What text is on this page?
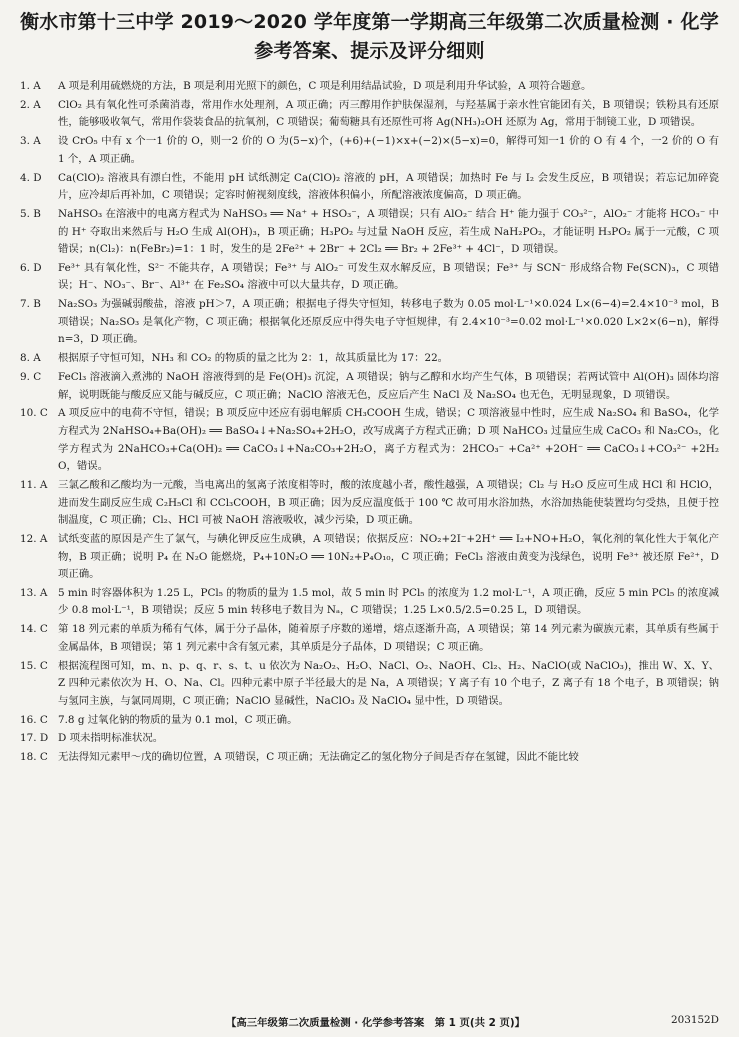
衡水市第十三中学 2019～2020 学年度第一学期高三年级第二次质量检测 · 化学
参考答案、提示及评分细则
1. A	A 项是利用硫燃烧的方法，B 项是利用光照下的颜色，C 项是利用结晶试验，D 项是利用升华试验，A 项符合题意。
2. A	ClO₂ 具有氧化性可杀菌消毒，常用作水处理剂，A 项正确；丙三醇用作护肤保湿剂，与羟基属于亲水性官能团有关，B 项错误；铁粉具有还原性，能够吸收氧气，常用作袋装食品的抗氧剂，C 项错误；葡萄糖具有还原性可将 Ag(NH₃)₂OH 还原为 Ag，常用于制镜工业，D 项错误。
3. A	设 CrO₅ 中有 x 个一1 价的 O，则一2 价的 O 为(5−x)个，(+6)+(−1)×x+(−2)×(5−x)=0，解得可知一1 价的 O 有 4 个，一2 价的 O 有 1 个，A 项正确。
4. D	Ca(ClO)₂ 溶液具有漂白性，不能用 pH 试纸测定 Ca(ClO)₂ 溶液的 pH，A 项错误；加热时 Fe 与 I₂ 会发生反应，B 项错误；若忘记加碎瓷片，应冷却后再补加，C 项错误；定容时俯视刻度线，溶液体积偏小，所配溶液浓度偏高，D 项正确。
5. B	NaHSO₃ 在溶液中的电离方程式为 NaHSO₃ ══ Na⁺ + HSO₃⁻，A 项错误；只有 AlO₂⁻ 结合 H⁺ 能力强于 CO₃²⁻，AlO₂⁻ 才能将 HCO₃⁻ 中的 H⁺ 夺取出来然后与 H₂O 生成 Al(OH)₃，B 项正确；H₃PO₂ 与过量 NaOH 反应，若生成 NaH₂PO₂，才能证明 H₃PO₂ 属于一元酸，C 项错误；n(Cl₂)：n(FeBr₂)=1：1 时，发生的是 2Fe²⁺ + 2Br⁻ + 2Cl₂ ══ Br₂ + 2Fe³⁺ + 4Cl⁻，D 项错误。
6. D	Fe³⁺ 具有氧化性，S²⁻ 不能共存，A 项错误；Fe³⁺ 与 AlO₂⁻ 可发生双水解反应，B 项错误；Fe³⁺ 与 SCN⁻ 形成络合物 Fe(SCN)₃，C 项错误；H⁻、NO₃⁻、Br⁻、Al³⁺ 在 Fe₂SO₄ 溶液中可以大量共存，D 项正确。
7. B	Na₂SO₃ 为强碱弱酸盐，溶液 pH＞7，A 项正确；根据电子得失守恒知，转移电子数为 0.05 mol·L⁻¹×0.024 L×(6−4)=2.4×10⁻³ mol，B 项错误；Na₂SO₃ 是氧化产物，C 项正确；根据氧化还原反应中得失电子守恒规律，有 2.4×10⁻³=0.02 mol·L⁻¹×0.020 L×2×(6−n)，解得 n=3，D 项正确。
8. A	根据原子守恒可知，NH₃ 和 CO₂ 的物质的量之比为 2：1，故其质量比为 17：22。
9. C	FeCl₃ 溶液滴入煮沸的 NaOH 溶液得到的是 Fe(OH)₃ 沉淀，A 项错误；钠与乙醇和水均产生气体，B 项错误；若两试管中 Al(OH)₃ 固体均溶解，说明既能与酸反应又能与碱反应，C 项正确；NaClO 溶液无色，反应后产生 NaCl 及 Na₂SO₄ 也无色，无明显现象，D 项错误。
10. C A 项反应中的电荷不守恒，错误；B 项反应中还应有弱电解质 CH₃COOH 生成，错误；C 项溶液显中性时，应生成 Na₂SO₄ 和 BaSO₄，化学方程式为 2NaHSO₄+Ba(OH)₂ ══ BaSO₄↓+Na₂SO₄+2H₂O，改写成离子方程式正确；D 项 NaHCO₃ 过量应生成 CaCO₃ 和 Na₂CO₃，化学方程式为 2NaHCO₃+Ca(OH)₂ ══ CaCO₃↓+Na₂CO₃+2H₂O，离子方程式为：2HCO₃⁻ +Ca²⁺ +2OH⁻ ══ CaCO₃↓+CO₃²⁻ +2H₂O，错误。
11. A	三氯乙酸和乙酸均为一元酸，当电离出的氢离子浓度相等时，酸的浓度越小者，酸性越强，A 项错误；Cl₂ 与 H₂O 反应可生成 HCl 和 HClO，进而发生副反应生成 C₂H₅Cl 和 CCl₃COOH，B 项正确；因为反应温度低于 100 ℃ 故可用水浴加热，水浴加热能使装置均匀受热，且便于控制温度，C 项正确；Cl₂、HCl 可被 NaOH 溶液吸收，减少污染，D 项正确。
12. A	试纸变蓝的原因是产生了氯气，与碘化钾反应生成碘，A 项错误；依据反应：NO₂+2I⁻+2H⁺ ══ I₂+NO+H₂O，氧化剂的氧化性大于氧化产物，B 项正确；说明 P₄ 在 N₂O 能燃烧，P₄+10N₂O ══ 10N₂+P₄O₁₀，C 项正确；FeCl₃ 溶液由黄变为浅绿色，说明 Fe³⁺ 被还原 Fe²⁺，D 项正确。
13. A	5 min 时容器体积为 1.25 L，PCl₅ 的物质的量为 1.5 mol，故 5 min 时 PCl₅ 的浓度为 1.2 mol·L⁻¹，A 项正确，反应 5 min PCl₅ 的浓度减少 0.8 mol·L⁻¹，B 项错误；反应 5 min 转移电子数目为 Nₐ，C 项错误；1.25 L×0.5/2.5=0.25 L，D 项错误。
14. C 第 18 列元素的单质为稀有气体，属于分子晶体，随着原子序数的递增，熔点逐渐升高，A 项错误；第 14 列元素为碳族元素，其单质有些属于金属晶体，B 项错误；第 1 列元素中含有氢元素，其单质是分子晶体，D 项错误；C 项正确。
15. C 根据流程图可知，m、n、p、q、r、s、t、u 依次为 Na₂O₂、H₂O、NaCl、O₂、NaOH、Cl₂、H₂、NaClO(或 NaClO₃)，推出 W、X、Y、Z 四种元素依次为 H、O、Na、Cl。四种元素中原子半径最大的是 Na，A 项错误；Y 离子有 10 个电子，Z 离子有 18 个电子，B 项错误；钠与氢同主族，与氯同周期，C 项正确；NaClO 显碱性，NaClO₃ 及 NaClO₄ 显中性，D 项错误。
16. C 7.8 g 过氧化钠的物质的量为 0.1 mol，C 项正确。
17. D D 项未指明标准状况。
18. C 无法得知元素甲～戊的确切位置，A 项错误，C 项正确；无法确定乙的氢化物分子间是否存在氢键，因此不能比较
【高三年级第二次质量检测 · 化学参考答案　第 1 页(共 2 页)】	203152D
